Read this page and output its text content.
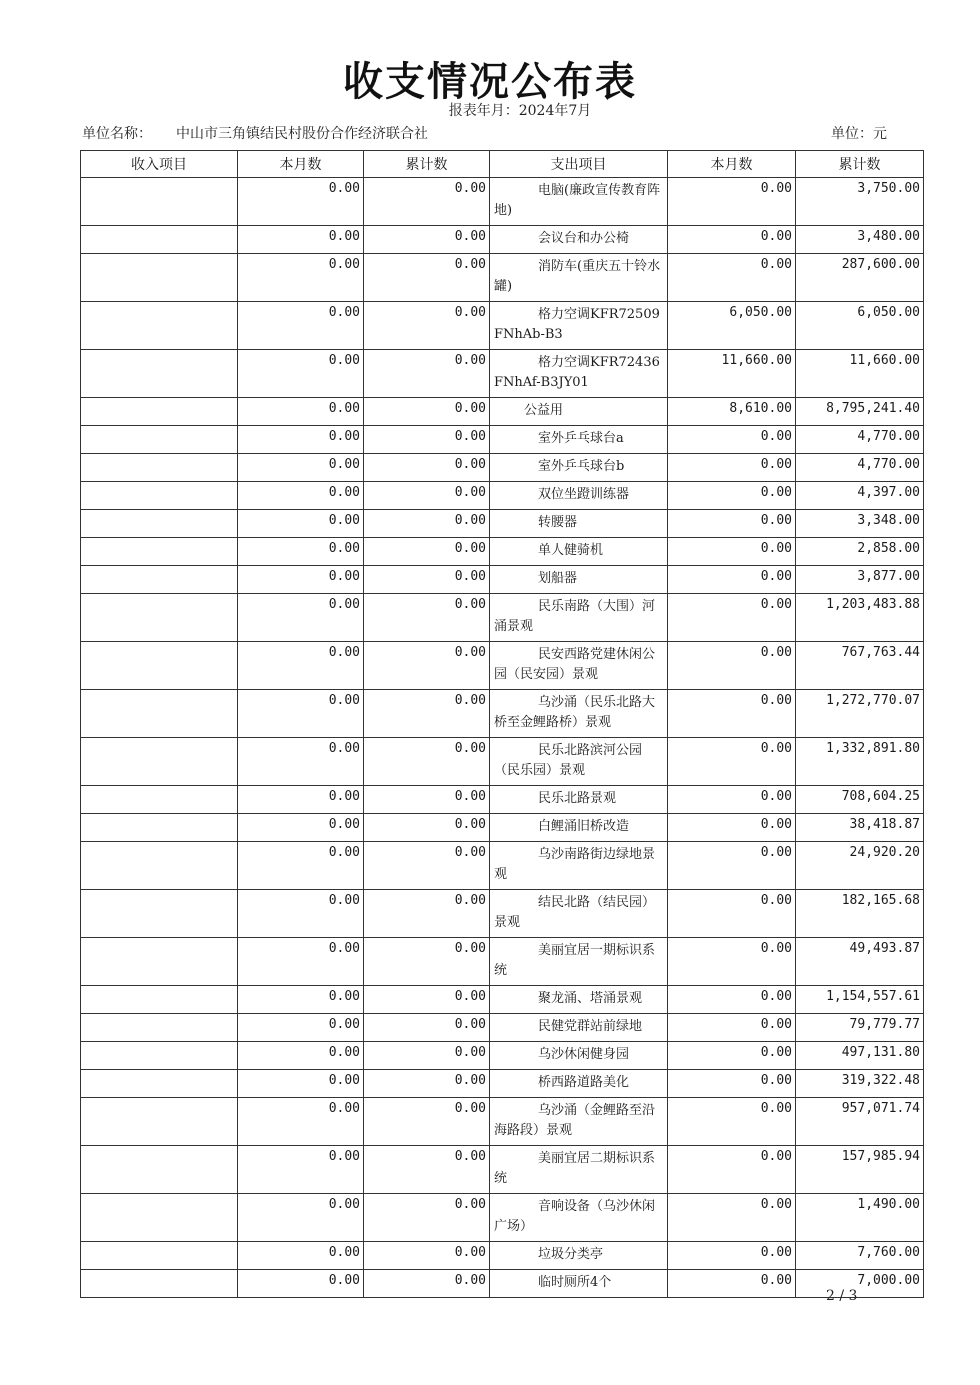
收支情况公布表
报表年月：2024年7月
单位名称： 中山市三角镇结民村股份合作经济联合社	单位：元
收入项目	本月数	累计数	支出项目	本月数	累计数
	0.00	0.00	电脑(廉政宣传教育阵地)	0.00	3,750.00
	0.00	0.00	会议台和办公椅	0.00	3,480.00
	0.00	0.00	消防车(重庆五十铃水罐)	0.00	287,600.00
	0.00	0.00	格力空调KFR72509FNhAb-B3	6,050.00	6,050.00
	0.00	0.00	格力空调KFR72436FNhAf-B3JY01	11,660.00	11,660.00
	0.00	0.00	公益用	8,610.00	8,795,241.40
	0.00	0.00	室外乒乓球台a	0.00	4,770.00
	0.00	0.00	室外乒乓球台b	0.00	4,770.00
	0.00	0.00	双位坐蹬训练器	0.00	4,397.00
	0.00	0.00	转腰器	0.00	3,348.00
	0.00	0.00	单人健骑机	0.00	2,858.00
	0.00	0.00	划船器	0.00	3,877.00
	0.00	0.00	民乐南路（大围）河涌景观	0.00	1,203,483.88
	0.00	0.00	民安西路党建休闲公园（民安园）景观	0.00	767,763.44
	0.00	0.00	乌沙涌（民乐北路大桥至金鲤路桥）景观	0.00	1,272,770.07
	0.00	0.00	民乐北路滨河公园（民乐园）景观	0.00	1,332,891.80
	0.00	0.00	民乐北路景观	0.00	708,604.25
	0.00	0.00	白鲤涌旧桥改造	0.00	38,418.87
	0.00	0.00	乌沙南路街边绿地景观	0.00	24,920.20
	0.00	0.00	结民北路（结民园）景观	0.00	182,165.68
	0.00	0.00	美丽宜居一期标识系统	0.00	49,493.87
	0.00	0.00	聚龙涌、塔涌景观	0.00	1,154,557.61
	0.00	0.00	民健党群站前绿地	0.00	79,779.77
	0.00	0.00	乌沙休闲健身园	0.00	497,131.80
	0.00	0.00	桥西路道路美化	0.00	319,322.48
	0.00	0.00	乌沙涌（金鲤路至沿海路段）景观	0.00	957,071.74
	0.00	0.00	美丽宜居二期标识系统	0.00	157,985.94
	0.00	0.00	音响设备（乌沙休闲广场）	0.00	1,490.00
	0.00	0.00	垃圾分类亭	0.00	7,760.00
	0.00	0.00	临时厕所4个	0.00	7,000.00
2 / 3
